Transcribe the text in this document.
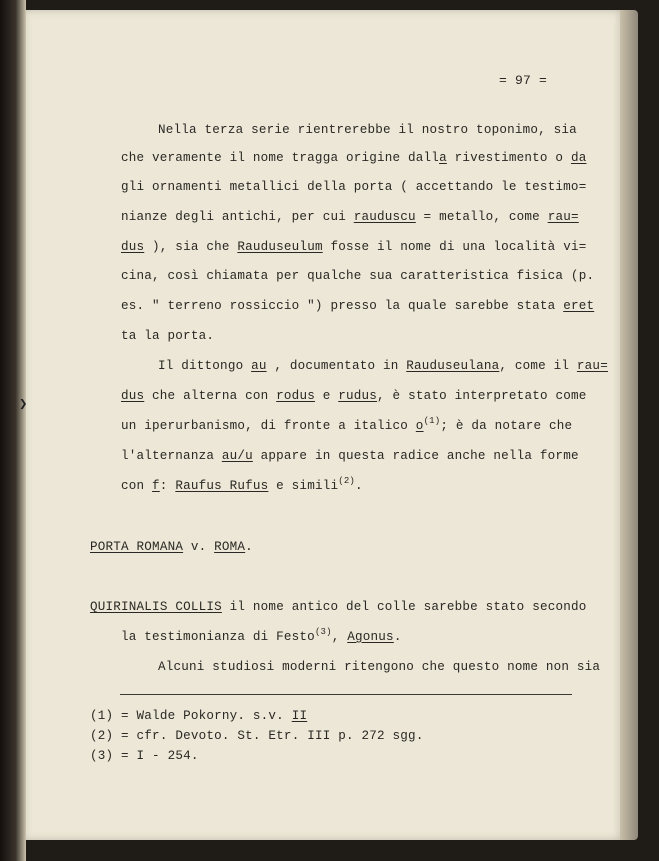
❯
= 97 =
Nella terza serie rientrerebbe il nostro toponimo, sia
che veramente il nome tragga origine dalla rivestimento o da
gli ornamenti metallici della porta ( accettando le testimo=
nianze degli antichi, per cui rauduscu = metallo, come rau=
dus ), sia che Rauduseulum fosse il nome di una località vi=
cina, così chiamata per qualche sua caratteristica fisica (p.
es. " terreno rossiccio ") presso la quale sarebbe stata eret
ta la porta.
Il dittongo au , documentato in Rauduseulana, come il rau=
dus che alterna con rodus e rudus, è stato interpretato come
un iperurbanismo, di fronte a italico $o^{(1)}$; è da notare che
l'alternanza au/u appare in questa radice anche nella forme
con f: Raufus Rufus e simili$^{(2)}$.
PORTA ROMANA v. ROMA.
QUIRINALIS COLLIS il nome antico del colle sarebbe stato secondo
la testimonianza di Festo$^{(3)}$, Agonus.
Alcuni studiosi moderni ritengono che questo nome non sia
(1) = Walde Pokorny. s.v. II
(2) = cfr. Devoto. St. Etr. III p. 272 sgg.
(3) = I - 254.
